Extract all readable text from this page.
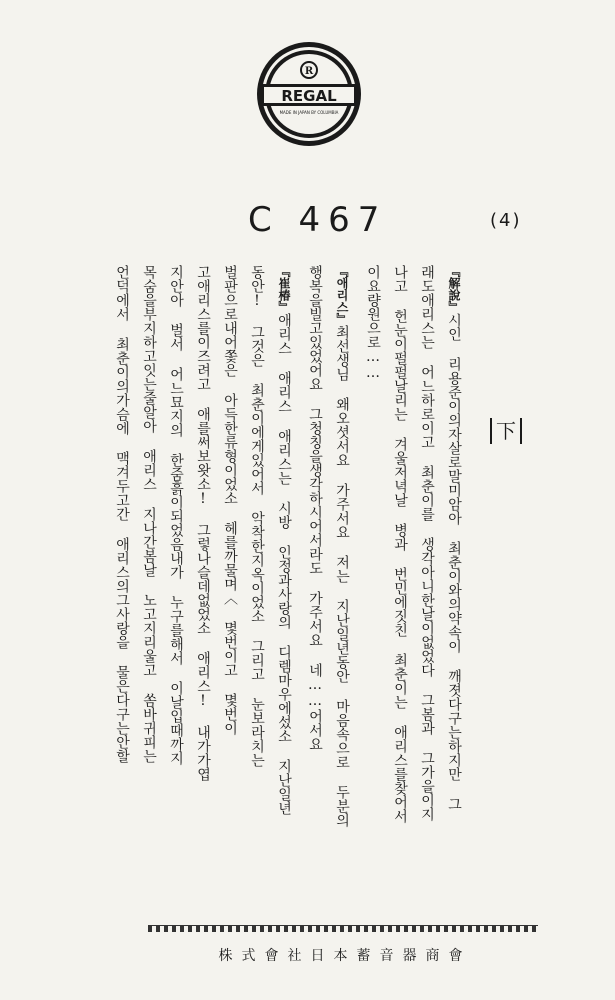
R
REGAL
MADE IN JAPAN BY COLUMBIA
C 467	(4)
下
『解說』시인 리용준이의자살로말미암아 최춘이와의약속이 깨졋다구는하지만 그
래도애리스는 어느하로이고 최춘이를 생각아니한날이없었다 그봄과 그가을이지
나고 헌눈이펄펄날리는 겨울저녁날 병과 번민에짓친 최춘이는 애리스를찾어서
이요량원으로……
『애리스』최선생님 왜오셧서요 가주서요 저는 지난일년동안 마음속으로 두분의
행복을빌고있었어요 그청칭을생각하시어서라도 가주서요 네……어서요
『崔椿』애리스 애리스 애리스는 시방 인정과사랑의 디렘마우에섰소 지난일년
동안! 그것은 최춘이에게있어서 악착한지옥이었소 그리고 눈보라치는
벌판으로내어쫓은 아득한류형이었소 헤를까물며〈 몇번이고 몇번이
고애리스를이즈려고 애를써보왓소! 그렇나슬데없었소 애리스! 내가가엽
지안아 벌서 어느묘지의 한줌흙이되었음내가 누구를해서 이날입때까지
목숨을부지하고잇는줄알아 애리스 지나간봄날 노고지리울고 쏨바귀피는
언덕에서 최춘이의가슴에 맥겨두고간 애리스의그사랑을 물은다구는안할
株式會社日本蓄音器商會
